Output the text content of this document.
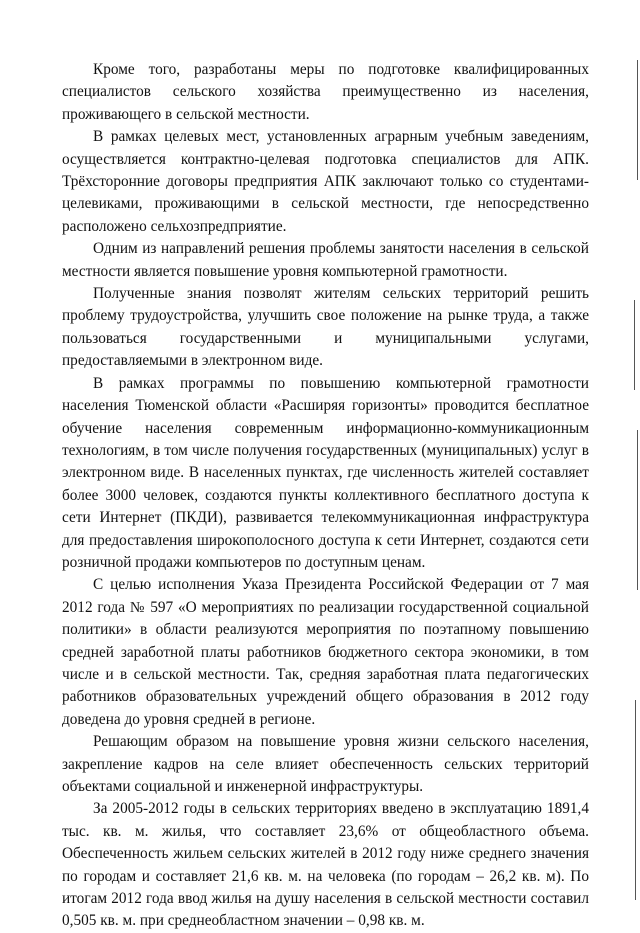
Кроме того, разработаны меры по подготовке квалифицированных специалистов сельского хозяйства преимущественно из населения, проживающего в сельской местности.

В рамках целевых мест, установленных аграрным учебным заведениям, осуществляется контрактно-целевая подготовка специалистов для АПК. Трёхсторонние договоры предприятия АПК заключают только со студентами-целевиками, проживающими в сельской местности, где непосредственно расположено сельхозпредприятие.

Одним из направлений решения проблемы занятости населения в сельской местности является повышение уровня компьютерной грамотности.

Полученные знания позволят жителям сельских территорий решить проблему трудоустройства, улучшить свое положение на рынке труда, а также пользоваться государственными и муниципальными услугами, предоставляемыми в электронном виде.

В рамках программы по повышению компьютерной грамотности населения Тюменской области «Расширяя горизонты» проводится бесплатное обучение населения современным информационно-коммуникационным технологиям, в том числе получения государственных (муниципальных) услуг в электронном виде. В населенных пунктах, где численность жителей составляет более 3000 человек, создаются пункты коллективного бесплатного доступа к сети Интернет (ПКДИ), развивается телекоммуникационная инфраструктура для предоставления широкополосного доступа к сети Интернет, создаются сети розничной продажи компьютеров по доступным ценам.

С целью исполнения Указа Президента Российской Федерации от 7 мая 2012 года № 597 «О мероприятиях по реализации государственной социальной политики» в области реализуются мероприятия по поэтапному повышению средней заработной платы работников бюджетного сектора экономики, в том числе и в сельской местности. Так, средняя заработная плата педагогических работников образовательных учреждений общего образования в 2012 году доведена до уровня средней в регионе.

Решающим образом на повышение уровня жизни сельского населения, закрепление кадров на селе влияет обеспеченность сельских территорий объектами социальной и инженерной инфраструктуры.

За 2005-2012 годы в сельских территориях введено в эксплуатацию 1891,4 тыс. кв. м. жилья, что составляет 23,6% от общеобластного объема. Обеспеченность жильем сельских жителей в 2012 году ниже среднего значения по городам и составляет 21,6 кв. м. на человека (по городам – 26,2 кв. м). По итогам 2012 года ввод жилья на душу населения в сельской местности составил 0,505 кв. м. при среднеобластном значении – 0,98 кв. м.
